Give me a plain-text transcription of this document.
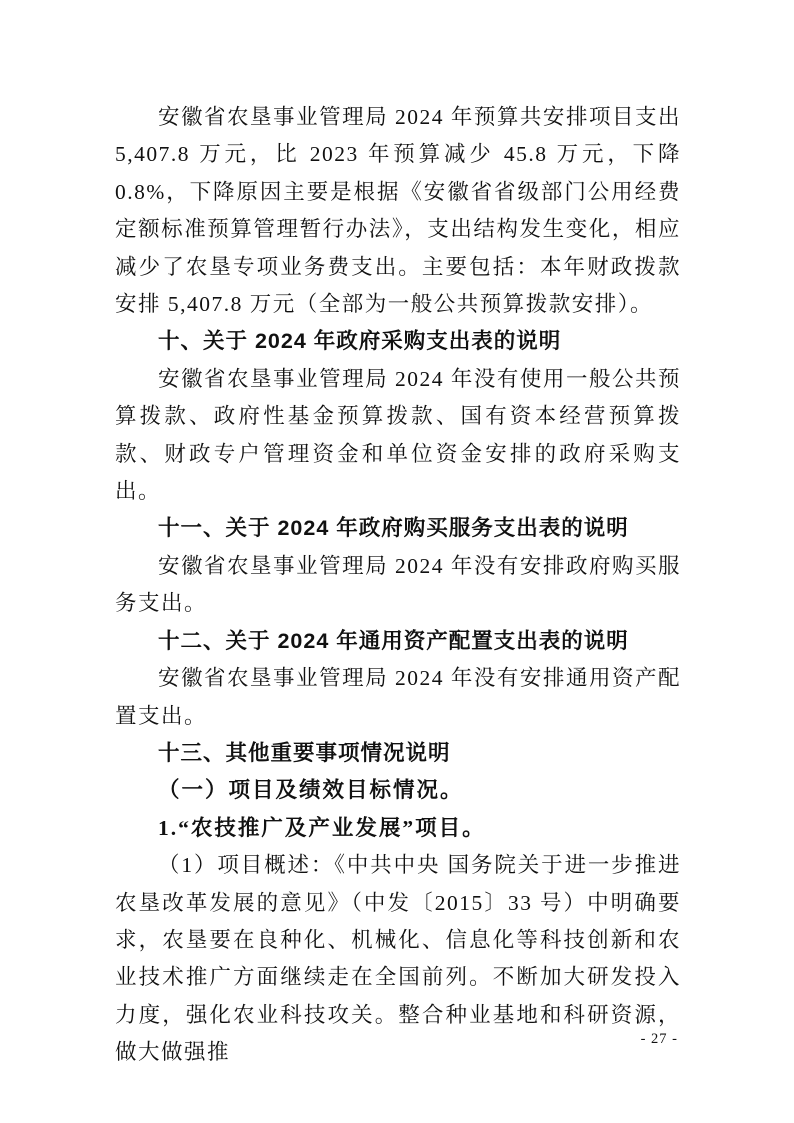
安徽省农垦事业管理局 2024 年预算共安排项目支出 5,407.8 万元，比 2023 年预算减少 45.8 万元，下降 0.8%，下降原因主要是根据《安徽省省级部门公用经费定额标准预算管理暂行办法》，支出结构发生变化，相应减少了农垦专项业务费支出。主要包括：本年财政拨款安排 5,407.8 万元（全部为一般公共预算拨款安排）。

十、关于 2024 年政府采购支出表的说明

安徽省农垦事业管理局 2024 年没有使用一般公共预算拨款、政府性基金预算拨款、国有资本经营预算拨款、财政专户管理资金和单位资金安排的政府采购支出。

十一、关于 2024 年政府购买服务支出表的说明

安徽省农垦事业管理局 2024 年没有安排政府购买服务支出。

十二、关于 2024 年通用资产配置支出表的说明

安徽省农垦事业管理局 2024 年没有安排通用资产配置支出。

十三、其他重要事项情况说明
（一）项目及绩效目标情况。
1.“农技推广及产业发展”项目。

（1）项目概述：《中共中央 国务院关于进一步推进农垦改革发展的意见》（中发〔2015〕33 号）中明确要求，农垦要在良种化、机械化、信息化等科技创新和农业技术推广方面继续走在全国前列。不断加大研发投入力度，强化农业科技攻关。整合种业基地和科研资源，做大做强推

- 27 -
